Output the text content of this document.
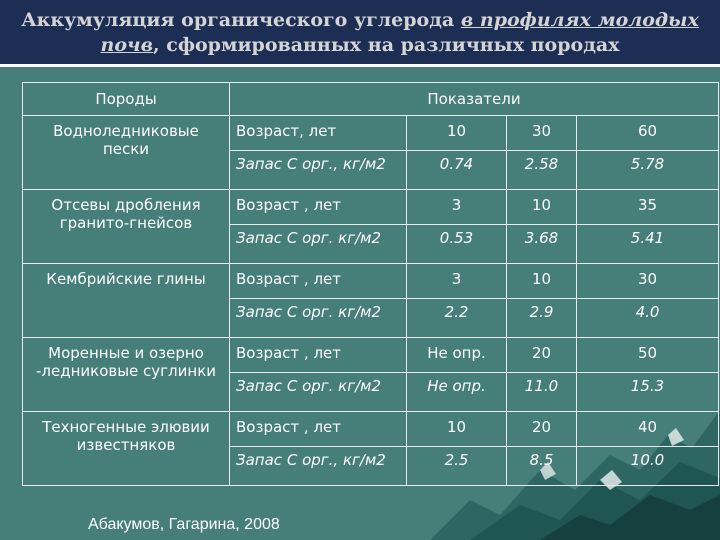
Аккумуляция органического углерода в профилях молодых
почв, сформированных на различных породах
Породы	Показатели			
Водноледниковые пески	Возраст, лет	10	30	60
	Запас С орг., кг/м2	0.74	2.58	5.78
Отсевы дробления гранито-гнейсов	Возраст , лет	3	10	35
	Запас С орг. кг/м2	0.53	3.68	5.41
Кембрийские глины	Возраст , лет	3	10	30
	Запас С орг. кг/м2	2.2	2.9	4.0
Моренные и озерно -ледниковые суглинки	Возраст , лет	Не опр.	20	50
	Запас С орг. кг/м2	Не опр.	11.0	15.3
Техногенные элювии известняков	Возраст , лет	10	20	40
	Запас С орг., кг/м2	2.5	8.5	10.0
Абакумов, Гагарина, 2008
